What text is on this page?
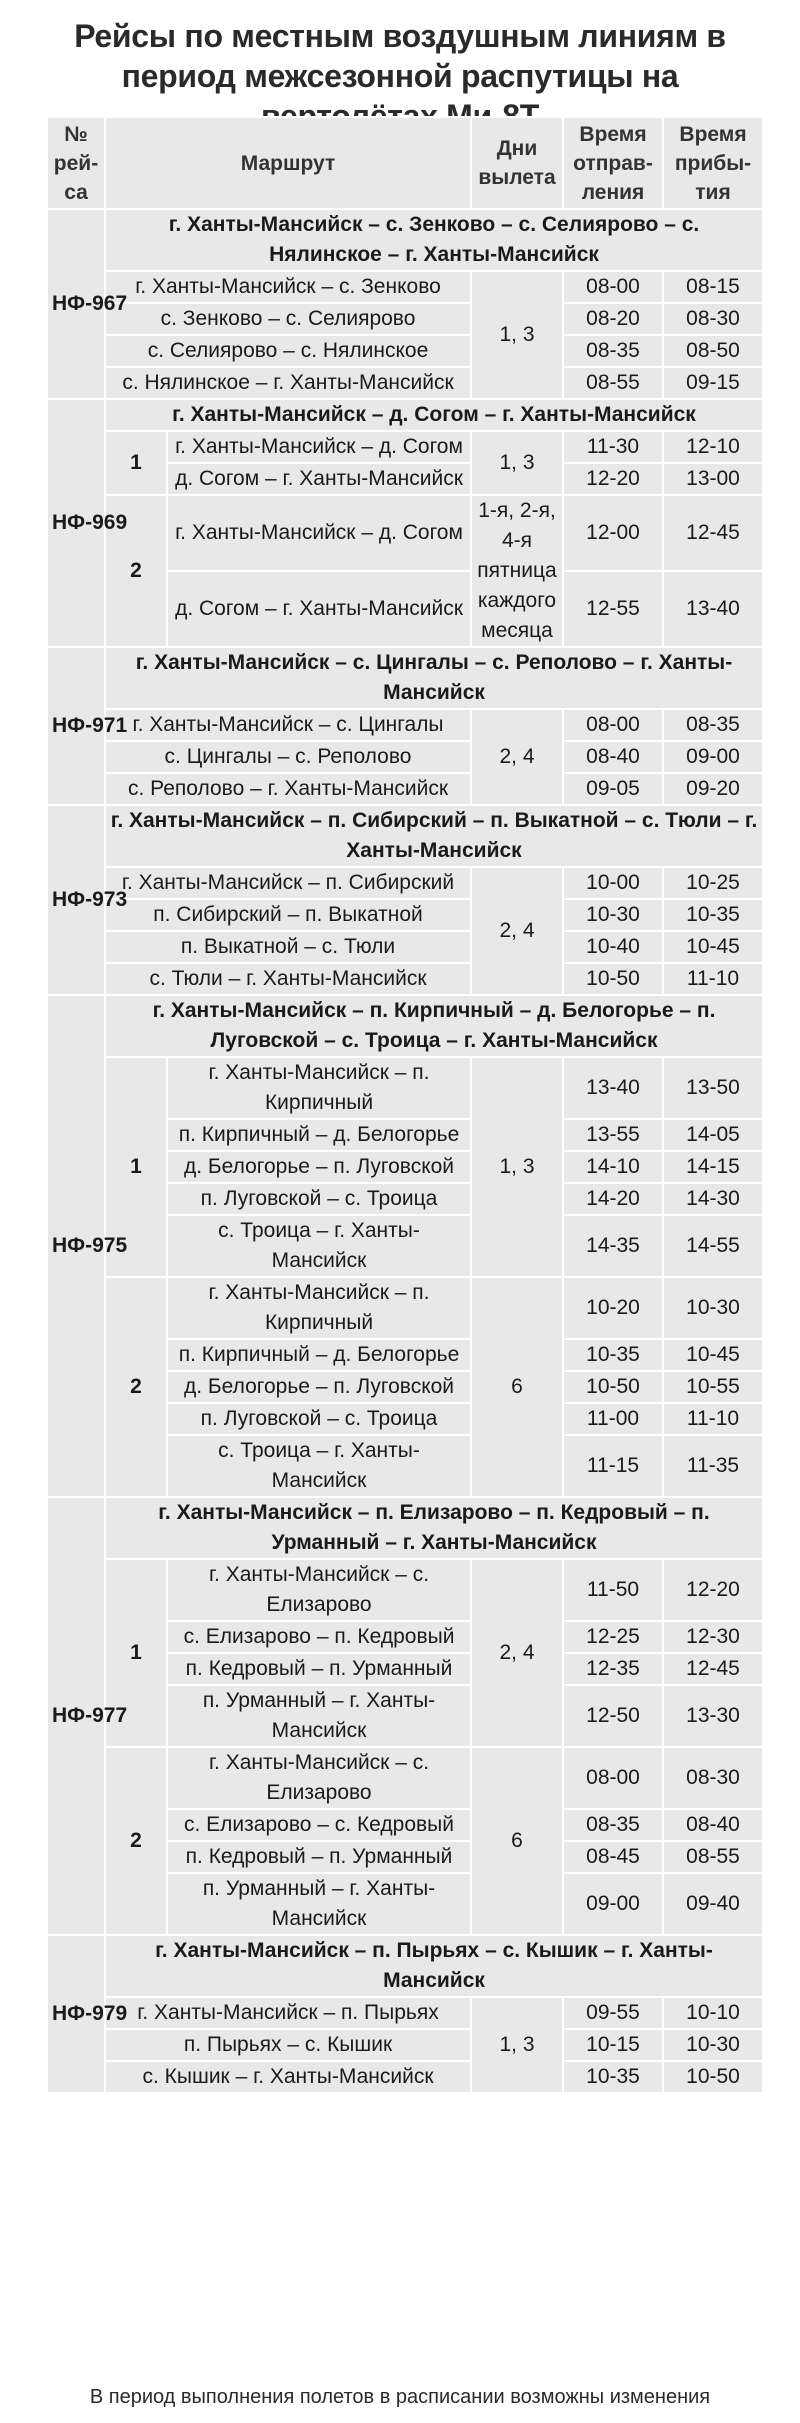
Рейсы по местным воздушным линиям в период межсезонной распутицы на
№ рей-са	Маршрут		Дни вылета	Время отправ-ления	Время прибы-тия
НФ-967	г. Ханты-Мансийск – с. Зенково – с. Селиярово – с. Нялинское – г. Ханты-Мансийск				
	г. Ханты-Мансийск – с. Зенково		1, 3	08-00	08-15
	с. Зенково – с. Селиярово			08-20	08-30
	с. Селиярово – с. Нялинское			08-35	08-50
	с. Нялинское – г. Ханты-Мансийск			08-55	09-15
НФ-969	г. Ханты-Мансийск – д. Согом – г. Ханты-Мансийск				
	1	г. Ханты-Мансийск – д. Согом	1, 3	11-30	12-10
		д. Согом – г. Ханты-Мансийск		12-20	13-00
	2	г. Ханты-Мансийск – д. Согом	1-я, 2-я, 4-я пятница каждого месяца	12-00	12-45
		д. Согом – г. Ханты-Мансийск		12-55	13-40
НФ-971	г. Ханты-Мансийск – с. Цингалы – с. Реполово – г. Ханты-Мансийск				
	г. Ханты-Мансийск – с. Цингалы		2, 4	08-00	08-35
	с. Цингалы – с. Реполово			08-40	09-00
	с. Реполово – г. Ханты-Мансийск			09-05	09-20
НФ-973	г. Ханты-Мансийск – п. Сибирский – п. Выкатной – с. Тюли – г. Ханты-Мансийск				
	г. Ханты-Мансийск – п. Сибирский		2, 4	10-00	10-25
	п. Сибирский – п. Выкатной			10-30	10-35
	п. Выкатной – с. Тюли			10-40	10-45
	с. Тюли – г. Ханты-Мансийск			10-50	11-10
НФ-975	г. Ханты-Мансийск – п. Кирпичный – д. Белогорье – п. Луговской – с. Троица – г. Ханты-Мансийск				
	1	г. Ханты-Мансийск – п. Кирпичный	1, 3	13-40	13-50
		п. Кирпичный – д. Белогорье		13-55	14-05
		д. Белогорье – п. Луговской		14-10	14-15
		п. Луговской – с. Троица		14-20	14-30
		с. Троица – г. Ханты-Мансийск		14-35	14-55
	2	г. Ханты-Мансийск – п. Кирпичный	6	10-20	10-30
		п. Кирпичный – д. Белогорье		10-35	10-45
		д. Белогорье – п. Луговской		10-50	10-55
		п. Луговской – с. Троица		11-00	11-10
		с. Троица – г. Ханты-Мансийск		11-15	11-35
НФ-977	г. Ханты-Мансийск – п. Елизарово – п. Кедровый – п. Урманный – г. Ханты-Мансийск				
	1	г. Ханты-Мансийск – с. Елизарово	2, 4	11-50	12-20
		с. Елизарово – п. Кедровый		12-25	12-30
		п. Кедровый – п. Урманный		12-35	12-45
		п. Урманный – г. Ханты-Мансийск		12-50	13-30
	2	г. Ханты-Мансийск – с. Елизарово	6	08-00	08-30
		с. Елизарово – с. Кедровый		08-35	08-40
		п. Кедровый – п. Урманный		08-45	08-55
		п. Урманный – г. Ханты-Мансийск		09-00	09-40
НФ-979	г. Ханты-Мансийск – п. Пырьях – с. Кышик – г. Ханты-Мансийск				
	г. Ханты-Мансийск – п. Пырьях		1, 3	09-55	10-10
	п. Пырьях – с. Кышик			10-15	10-30
	с. Кышик – г. Ханты-Мансийск			10-35	10-50
В период выполнения полетов в расписании возможны изменения
